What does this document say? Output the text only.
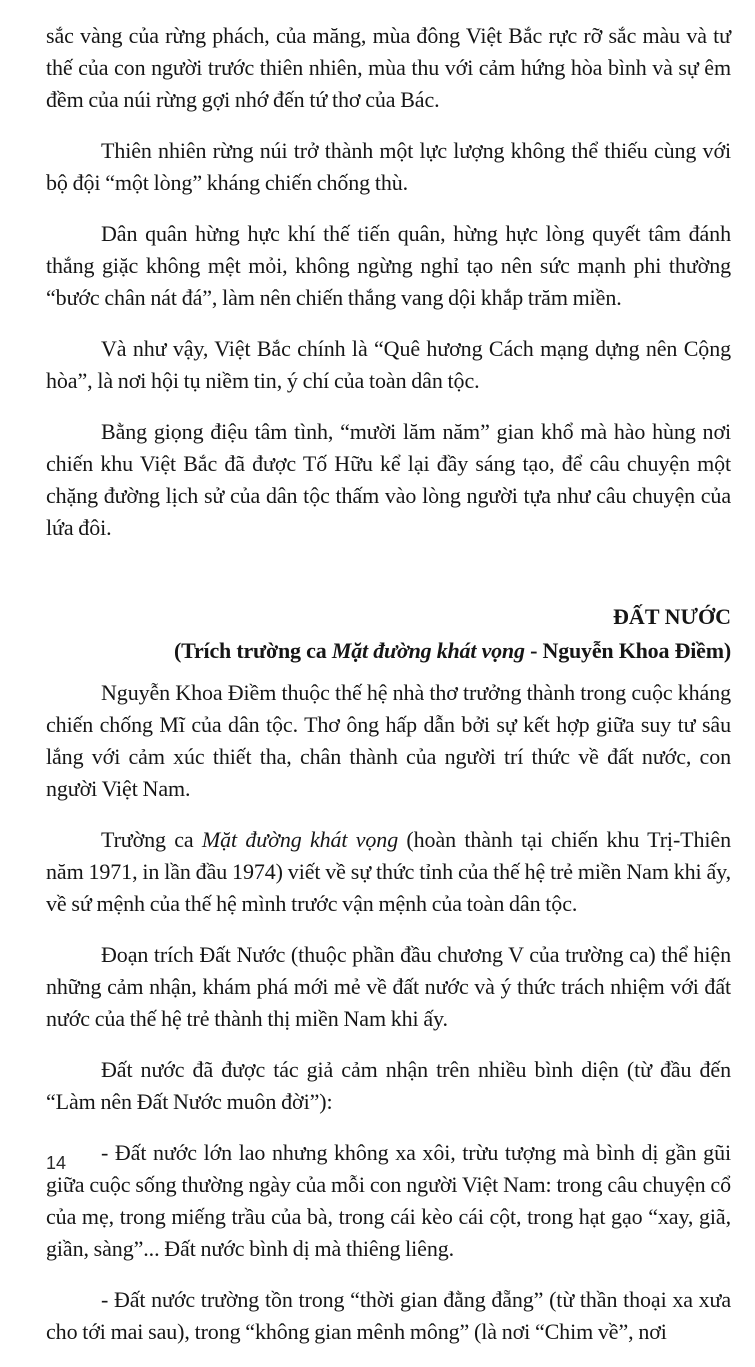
sắc vàng của rừng phách, của măng, mùa đông Việt Bắc rực rỡ sắc màu và tư thế của con người trước thiên nhiên, mùa thu với cảm hứng hòa bình và sự êm đềm của núi rừng gợi nhớ đến tứ thơ của Bác.

Thiên nhiên rừng núi trở thành một lực lượng không thể thiếu cùng với bộ đội “một lòng” kháng chiến chống thù.

Dân quân hừng hực khí thế tiến quân, hừng hực lòng quyết tâm đánh thắng giặc không mệt mỏi, không ngừng nghỉ tạo nên sức mạnh phi thường “bước chân nát đá”, làm nên chiến thắng vang dội khắp trăm miền.

Và như vậy, Việt Bắc chính là “Quê hương Cách mạng dựng nên Cộng hòa”, là nơi hội tụ niềm tin, ý chí của toàn dân tộc.

Bằng giọng điệu tâm tình, “mười lăm năm” gian khổ mà hào hùng nơi chiến khu Việt Bắc đã được Tố Hữu kể lại đầy sáng tạo, để câu chuyện một chặng đường lịch sử của dân tộc thấm vào lòng người tựa như câu chuyện của lứa đôi.

ĐẤT NƯỚC
(Trích trường ca Mặt đường khát vọng - Nguyễn Khoa Điềm)

Nguyễn Khoa Điềm thuộc thế hệ nhà thơ trưởng thành trong cuộc kháng chiến chống Mĩ của dân tộc. Thơ ông hấp dẫn bởi sự kết hợp giữa suy tư sâu lắng với cảm xúc thiết tha, chân thành của người trí thức về đất nước, con người Việt Nam.

Trường ca Mặt đường khát vọng (hoàn thành tại chiến khu Trị-Thiên năm 1971, in lần đầu 1974) viết về sự thức tỉnh của thế hệ trẻ miền Nam khi ấy, về sứ mệnh của thế hệ mình trước vận mệnh của toàn dân tộc.

Đoạn trích Đất Nước (thuộc phần đầu chương V của trường ca) thể hiện những cảm nhận, khám phá mới mẻ về đất nước và ý thức trách nhiệm với đất nước của thế hệ trẻ thành thị miền Nam khi ấy.

Đất nước đã được tác giả cảm nhận trên nhiều bình diện (từ đầu đến “Làm nên Đất Nước muôn đời”):

- Đất nước lớn lao nhưng không xa xôi, trừu tượng mà bình dị gần gũi giữa cuộc sống thường ngày của mỗi con người Việt Nam: trong câu chuyện cổ của mẹ, trong miếng trầu của bà, trong cái kèo cái cột, trong hạt gạo “xay, giã, giần, sàng”... Đất nước bình dị mà thiêng liêng.

- Đất nước trường tồn trong “thời gian đằng đẵng” (từ thần thoại xa xưa cho tới mai sau), trong “không gian mênh mông” (là nơi “Chim về”, nơi

14
